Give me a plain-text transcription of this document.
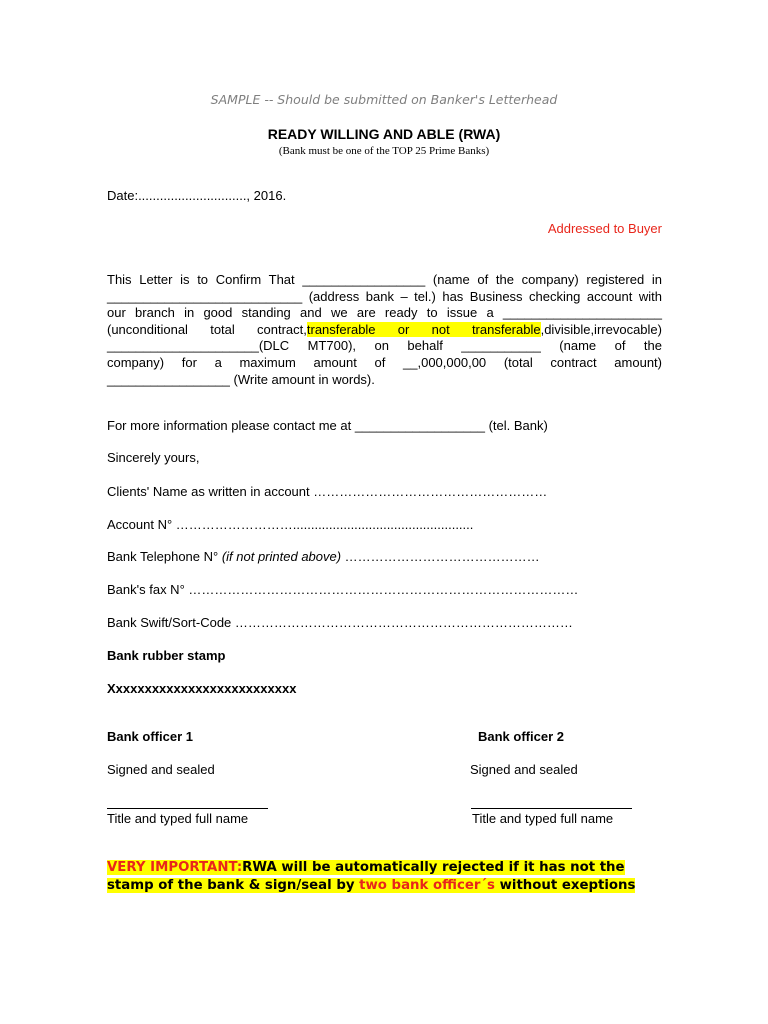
SAMPLE -- Should be submitted on Banker's Letterhead
READY WILLING AND ABLE (RWA)
(Bank must be one of the TOP 25 Prime Banks)
Date:.............................., 2016.
Addressed to Buyer
This Letter is to Confirm That _________________ (name of the company) registered in
___________________________ (address bank – tel.) has Business checking account with
our branch in good standing and we are ready to issue a ______________________
(unconditional total contract,transferable or not transferable,divisible,irrevocable)
_____________________(DLC MT700), on behalf ___________ (name of the
company) for a maximum amount of __,000,000,00 (total contract amount)
_________________ (Write amount in words).
For more information please contact me at __________________ (tel. Bank)
Sincerely yours,
Clients' Name as written in account ………………………………………………
Account N° ………………………..................................................
Bank Telephone N° (if not printed above) ………………………………………
Bank's fax N° ………………………………………………………………………………
Bank Swift/Sort-Code ……………………………………………………………………
Bank rubber stamp
Xxxxxxxxxxxxxxxxxxxxxxxxxx
Bank officer 1	Bank officer 2
Signed and sealed	Signed and sealed
Title and typed full name	Title and typed full name
VERY IMPORTANT:RWA will be automatically rejected if it has not the
stamp of the bank & sign/seal by two bank officer´s without exeptions
